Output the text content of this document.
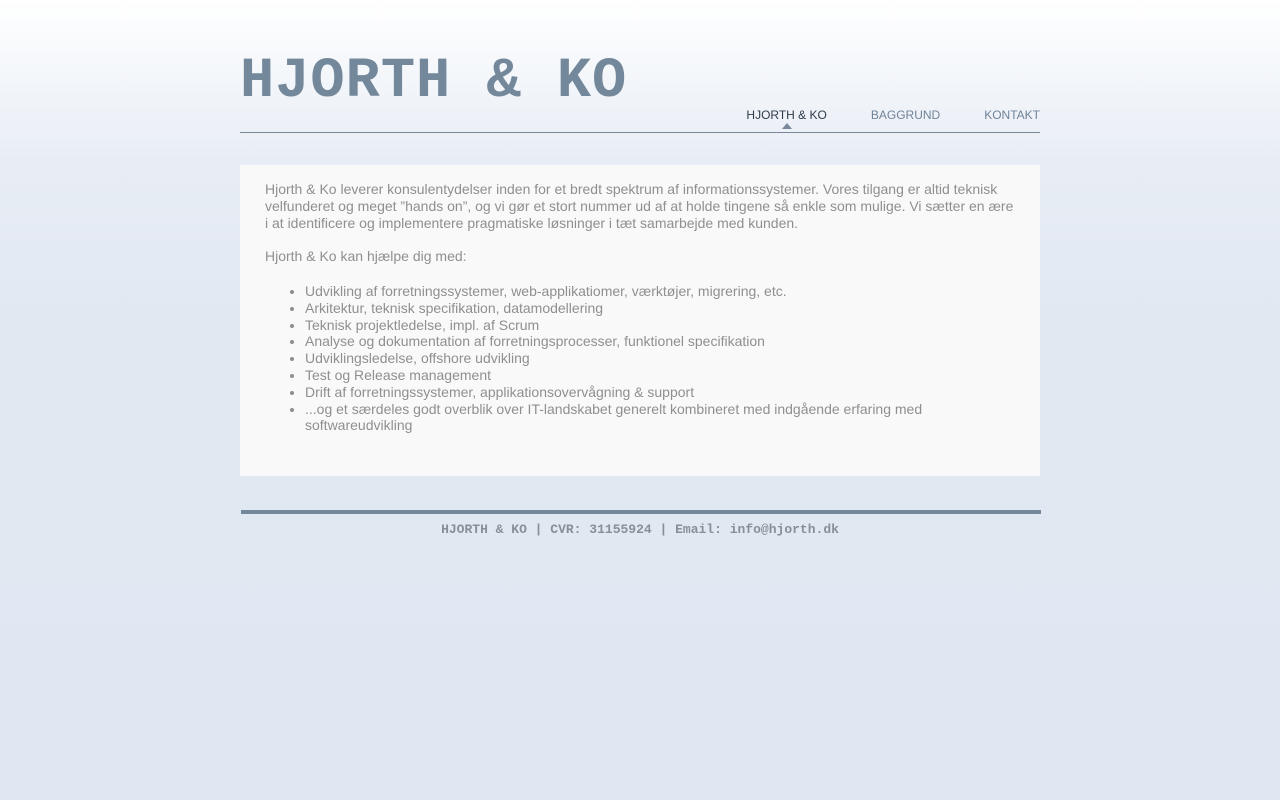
HJORTH & KO
HJORTH & KO	BAGGRUND	KONTAKT

Hjorth & Ko leverer konsulentydelser inden for et bredt spektrum af informationssystemer. Vores tilgang er altid teknisk velfunderet og meget ”hands on”, og vi gør et stort nummer ud af at holde tingene så enkle som mulige. Vi sætter en ære i at identificere og implementere pragmatiske løsninger i tæt samarbejde med kunden.

Hjorth & Ko kan hjælpe dig med:

• Udvikling af forretningssystemer, web-applikatiomer, værktøjer, migrering, etc.
• Arkitektur, teknisk specifikation, datamodellering
• Teknisk projektledelse, impl. af Scrum
• Analyse og dokumentation af forretningsprocesser, funktionel specifikation
• Udviklingsledelse, offshore udvikling
• Test og Release management
• Drift af forretningssystemer, applikationsovervågning & support
• ...og et særdeles godt overblik over IT-landskabet generelt kombineret med indgående erfaring med softwareudvikling
HJORTH & KO | CVR: 31155924 | Email: info@hjorth.dk
